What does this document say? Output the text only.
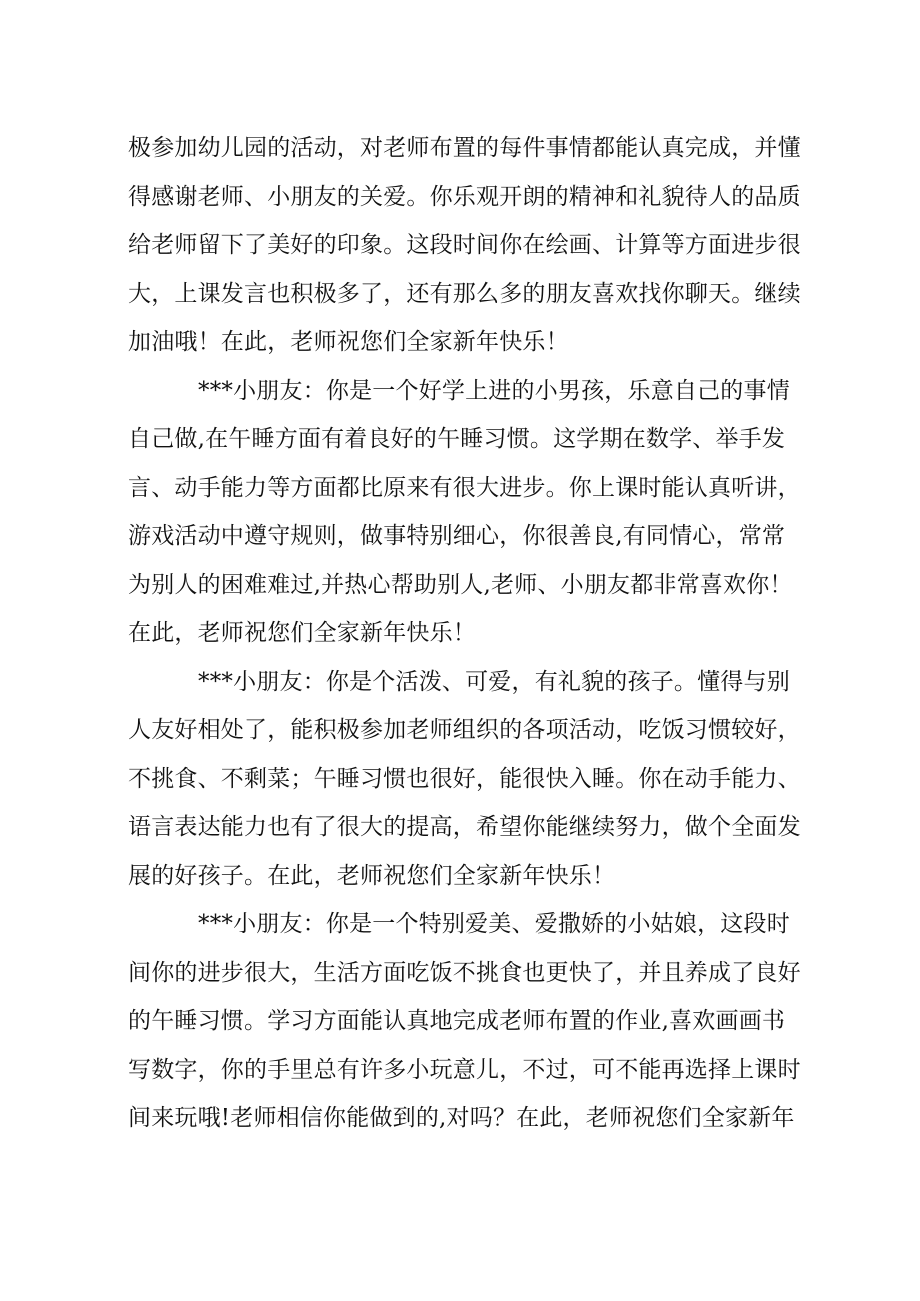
极参加幼儿园的活动，对老师布置的每件事情都能认真完成，并懂
得感谢老师、小朋友的关爱。你乐观开朗的精神和礼貌待人的品质
给老师留下了美好的印象。这段时间你在绘画、计算等方面进步很
大，上课发言也积极多了，还有那么多的朋友喜欢找你聊天。继续
加油哦！在此，老师祝您们全家新年快乐！
***小朋友：你是一个好学上进的小男孩，乐意自己的事情
自己做,在午睡方面有着良好的午睡习惯。这学期在数学、举手发
言、动手能力等方面都比原来有很大进步。你上课时能认真听讲，
游戏活动中遵守规则，做事特别细心，你很善良,有同情心，常常
为别人的困难难过,并热心帮助别人,老师、小朋友都非常喜欢你！
在此，老师祝您们全家新年快乐！
***小朋友：你是个活泼、可爱，有礼貌的孩子。懂得与别
人友好相处了，能积极参加老师组织的各项活动，吃饭习惯较好，
不挑食、不剩菜；午睡习惯也很好，能很快入睡。你在动手能力、
语言表达能力也有了很大的提高，希望你能继续努力，做个全面发
展的好孩子。在此，老师祝您们全家新年快乐！
***小朋友：你是一个特别爱美、爱撒娇的小姑娘，这段时
间你的进步很大，生活方面吃饭不挑食也更快了，并且养成了良好
的午睡习惯。学习方面能认真地完成老师布置的作业,喜欢画画书
写数字，你的手里总有许多小玩意儿，不过，可不能再选择上课时
间来玩哦!老师相信你能做到的,对吗？在此，老师祝您们全家新年
